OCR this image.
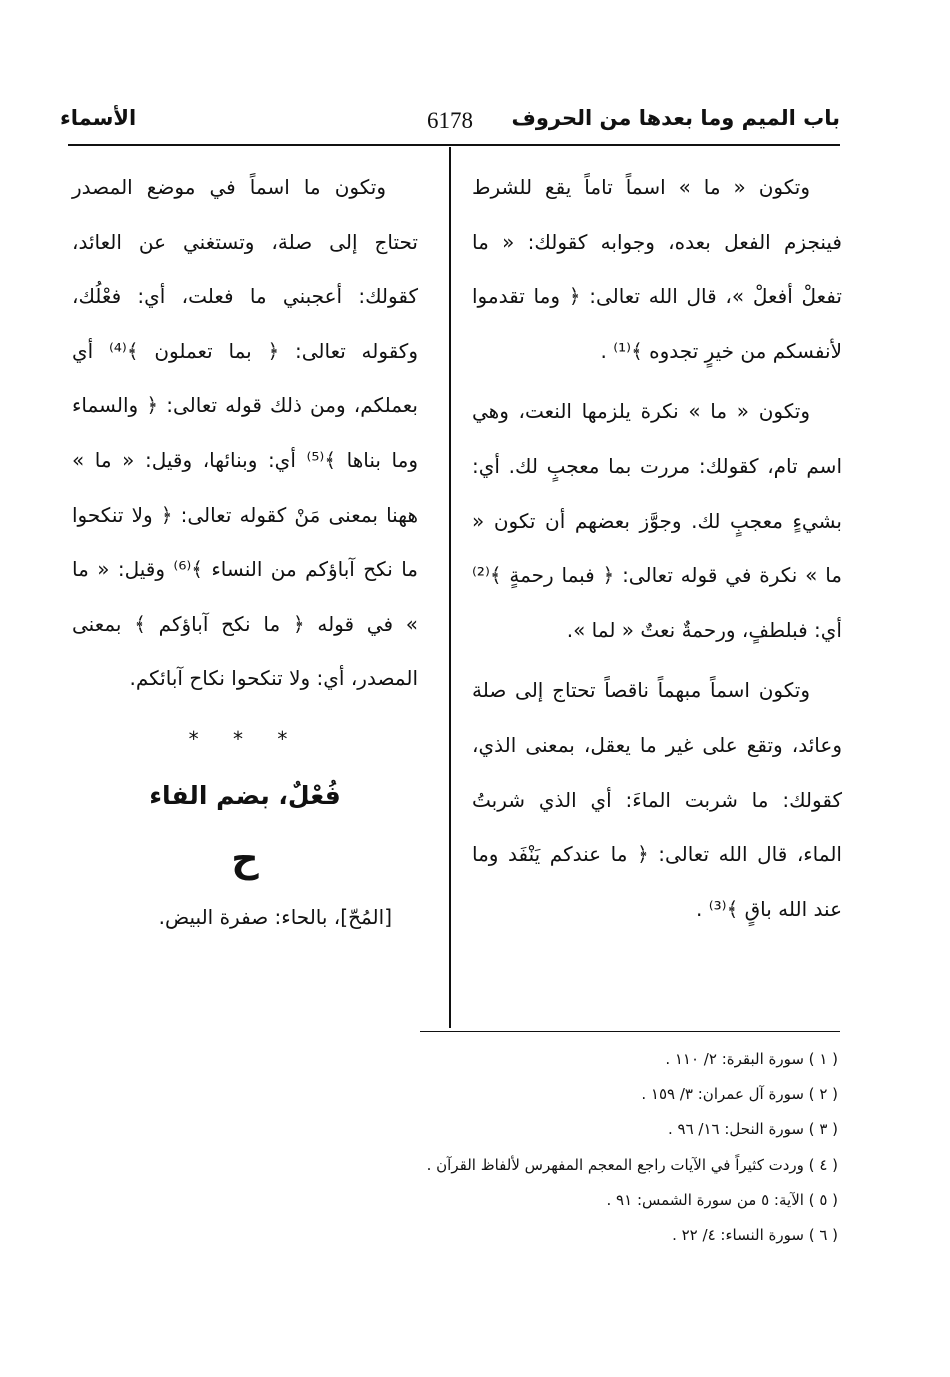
باب الميم وما بعدها من الحروف
6178
الأسماء

وتكون « ما » اسماً تاماً يقع للشرط فينجزم الفعل بعده، وجوابه كقولك: « ما تفعلْ أفعلْ »، قال الله تعالى: ﴿ وما تقدموا لأنفسكم من خيرٍ تجدوه ﴾⁽¹⁾ .

وتكون « ما » نكرة يلزمها النعت، وهي اسم تام، كقولك: مررت بما معجبٍ لك. أي: بشيءٍ معجبٍ لك. وجوَّز بعضهم أن تكون « ما » نكرة في قوله تعالى: ﴿ فبما رحمةٍ ﴾⁽²⁾ أي: فبلطفٍ، ورحمةٌ نعتٌ « لما ».

وتكون اسماً مبهماً ناقصاً تحتاج إلى صلة وعائد، وتقع على غير ما يعقل، بمعنى الذي، كقولك: ما شربت الماءَ: أي الذي شربتُ الماء، قال الله تعالى: ﴿ ما عندكم يَنْفَد وما عند الله باقٍ ﴾⁽³⁾ .

وتكون ما اسماً في موضع المصدر تحتاج إلى صلة، وتستغني عن العائد، كقولك: أعجبني ما فعلت، أي: فعْلُك، وكقوله تعالى: ﴿ بما تعملون ﴾⁽⁴⁾ أي بعملكم، ومن ذلك قوله تعالى: ﴿ والسماء وما بناها ﴾⁽⁵⁾ أي: وبنائها، وقيل: « ما » ههنا بمعنى مَنْ كقوله تعالى: ﴿ ولا تنكحوا ما نكح آباؤكم من النساء ﴾⁽⁶⁾ وقيل: « ما » في قوله ﴿ ما نكح آباؤكم ﴾ بمعنى المصدر، أي: ولا تنكحوا نكاح آبائكم.

* * *
فُعْلٌ، بضم الفاء
ح

[المُحّ]، بالحاء: صفرة البيض.

( ١ ) سورة البقرة: ٢/ ١١٠ .
( ٢ ) سورة آل عمران: ٣/ ١٥٩ .
( ٣ ) سورة النحل: ١٦/ ٩٦ .
( ٤ ) وردت كثيراً في الآيات راجع المعجم المفهرس لألفاظ القرآن .
( ٥ ) الآية: ٥ من سورة الشمس: ٩١ .
( ٦ ) سورة النساء: ٤/ ٢٢ .
